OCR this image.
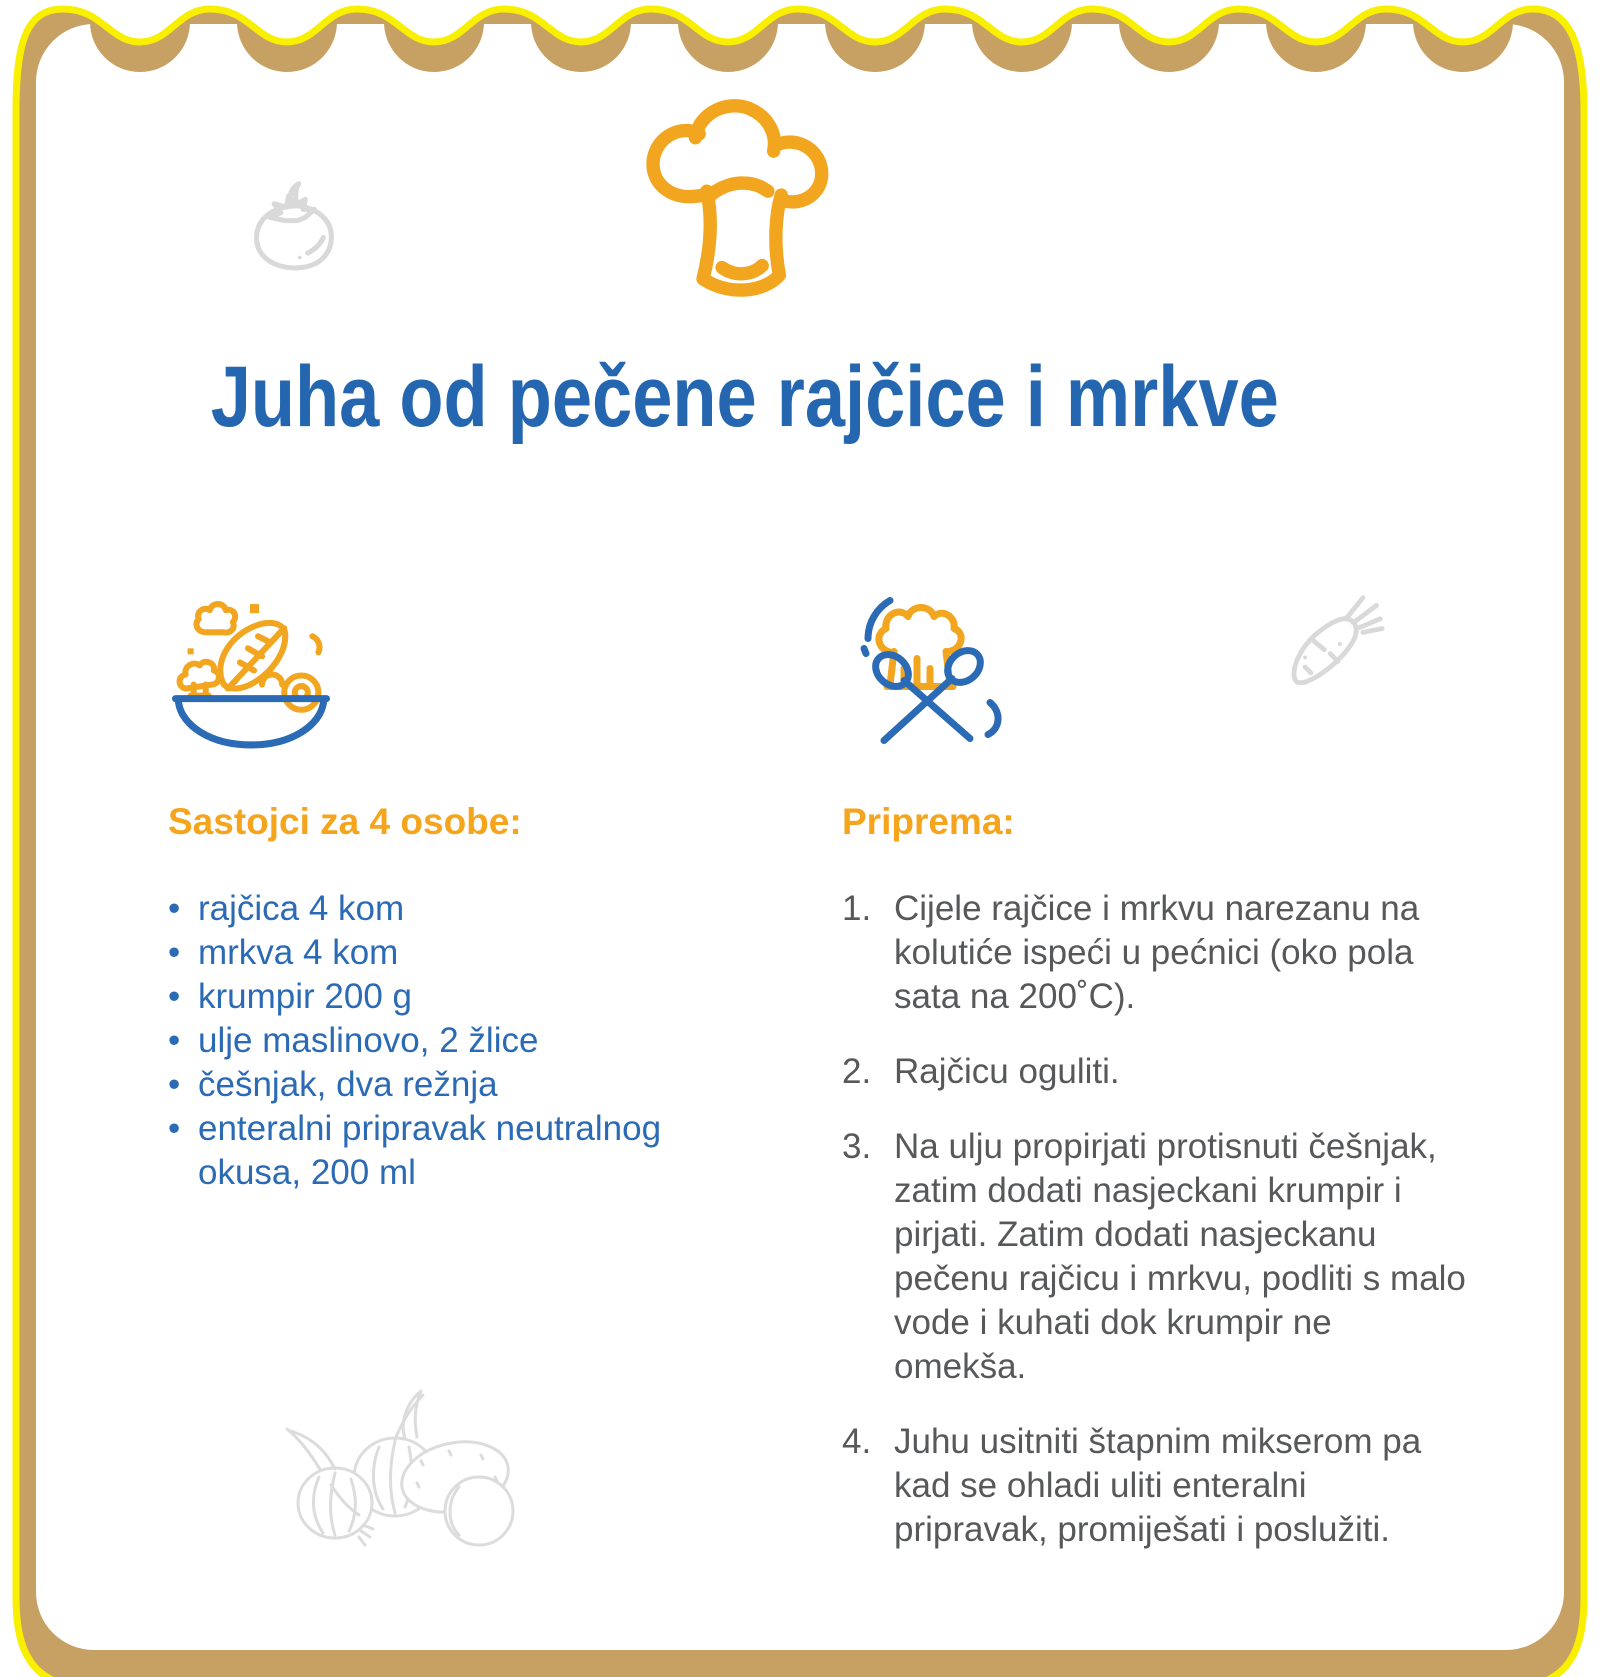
Juha od pečene rajčice i mrkve

Sastojci za 4 osobe:

• rajčica 4 kom
• mrkva 4 kom
• krumpir 200 g
• ulje maslinovo, 2 žlice
• češnjak, dva režnja
• enteralni pripravak neutralnog okusa, 200 ml

Priprema:

Cijele rajčice i mrkvu narezanu na kolutiće ispeći u pećnici (oko pola sata na 200˚C).
Rajčicu oguliti.
Na ulju propirjati protisnuti češnjak, zatim dodati nasjeckani krumpir i pirjati. Zatim dodati nasjeckanu pečenu rajčicu i mrkvu, podliti s malo vode i kuhati dok krumpir ne omekša.
Juhu usitniti štapnim mikserom pa kad se ohladi uliti enteralni pripravak, promiješati i poslužiti.
